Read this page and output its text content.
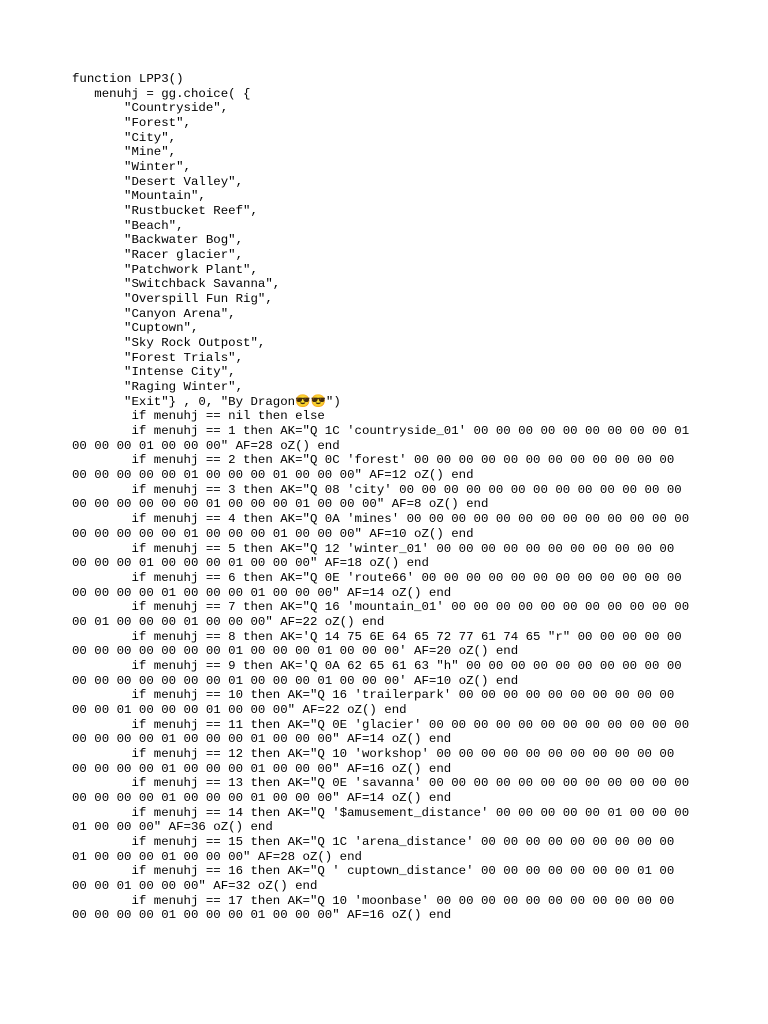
function LPP3()
menuhj = gg.choice( {
"Countryside",
"Forest",
"City",
"Mine",
"Winter",
"Desert Valley",
"Mountain",
"Rustbucket Reef",
"Beach",
"Backwater Bog",
"Racer glacier",
"Patchwork Plant",
"Switchback Savanna",
"Overspill Fun Rig",
"Canyon Arena",
"Cuptown",
"Sky Rock Outpost",
"Forest Trials",
"Intense City",
"Raging Winter",
"Exit"} , 0, "By Dragon😎😎")
if menuhj == nil then else
if menuhj == 1 then AK="Q 1C 'countryside_01' 00 00 00 00 00 00 00 00 00 01
00 00 00 01 00 00 00" AF=28 oZ() end
if menuhj == 2 then AK="Q 0C 'forest' 00 00 00 00 00 00 00 00 00 00 00 00
00 00 00 00 00 01 00 00 00 01 00 00 00" AF=12 oZ() end
if menuhj == 3 then AK="Q 08 'city' 00 00 00 00 00 00 00 00 00 00 00 00 00
00 00 00 00 00 00 01 00 00 00 01 00 00 00" AF=8 oZ() end
if menuhj == 4 then AK="Q 0A 'mines' 00 00 00 00 00 00 00 00 00 00 00 00 00
00 00 00 00 00 01 00 00 00 01 00 00 00" AF=10 oZ() end
if menuhj == 5 then AK="Q 12 'winter_01' 00 00 00 00 00 00 00 00 00 00 00
00 00 00 01 00 00 00 01 00 00 00" AF=18 oZ() end
if menuhj == 6 then AK="Q 0E 'route66' 00 00 00 00 00 00 00 00 00 00 00 00
00 00 00 00 01 00 00 00 01 00 00 00" AF=14 oZ() end
if menuhj == 7 then AK="Q 16 'mountain_01' 00 00 00 00 00 00 00 00 00 00 00
00 01 00 00 00 01 00 00 00" AF=22 oZ() end
if menuhj == 8 then AK='Q 14 75 6E 64 65 72 77 61 74 65 "r" 00 00 00 00 00
00 00 00 00 00 00 00 01 00 00 00 01 00 00 00' AF=20 oZ() end
if menuhj == 9 then AK='Q 0A 62 65 61 63 "h" 00 00 00 00 00 00 00 00 00 00
00 00 00 00 00 00 00 01 00 00 00 01 00 00 00' AF=10 oZ() end
if menuhj == 10 then AK="Q 16 'trailerpark' 00 00 00 00 00 00 00 00 00 00
00 00 01 00 00 00 01 00 00 00" AF=22 oZ() end
if menuhj == 11 then AK="Q 0E 'glacier' 00 00 00 00 00 00 00 00 00 00 00 00
00 00 00 00 01 00 00 00 01 00 00 00" AF=14 oZ() end
if menuhj == 12 then AK="Q 10 'workshop' 00 00 00 00 00 00 00 00 00 00 00
00 00 00 00 01 00 00 00 01 00 00 00" AF=16 oZ() end
if menuhj == 13 then AK="Q 0E 'savanna' 00 00 00 00 00 00 00 00 00 00 00 00
00 00 00 00 01 00 00 00 01 00 00 00" AF=14 oZ() end
if menuhj == 14 then AK="Q '$amusement_distance' 00 00 00 00 00 01 00 00 00
01 00 00 00" AF=36 oZ() end
if menuhj == 15 then AK="Q 1C 'arena_distance' 00 00 00 00 00 00 00 00 00
01 00 00 00 01 00 00 00" AF=28 oZ() end
if menuhj == 16 then AK="Q ' cuptown_distance' 00 00 00 00 00 00 00 01 00
00 00 01 00 00 00" AF=32 oZ() end
if menuhj == 17 then AK="Q 10 'moonbase' 00 00 00 00 00 00 00 00 00 00 00
00 00 00 00 01 00 00 00 01 00 00 00" AF=16 oZ() end
